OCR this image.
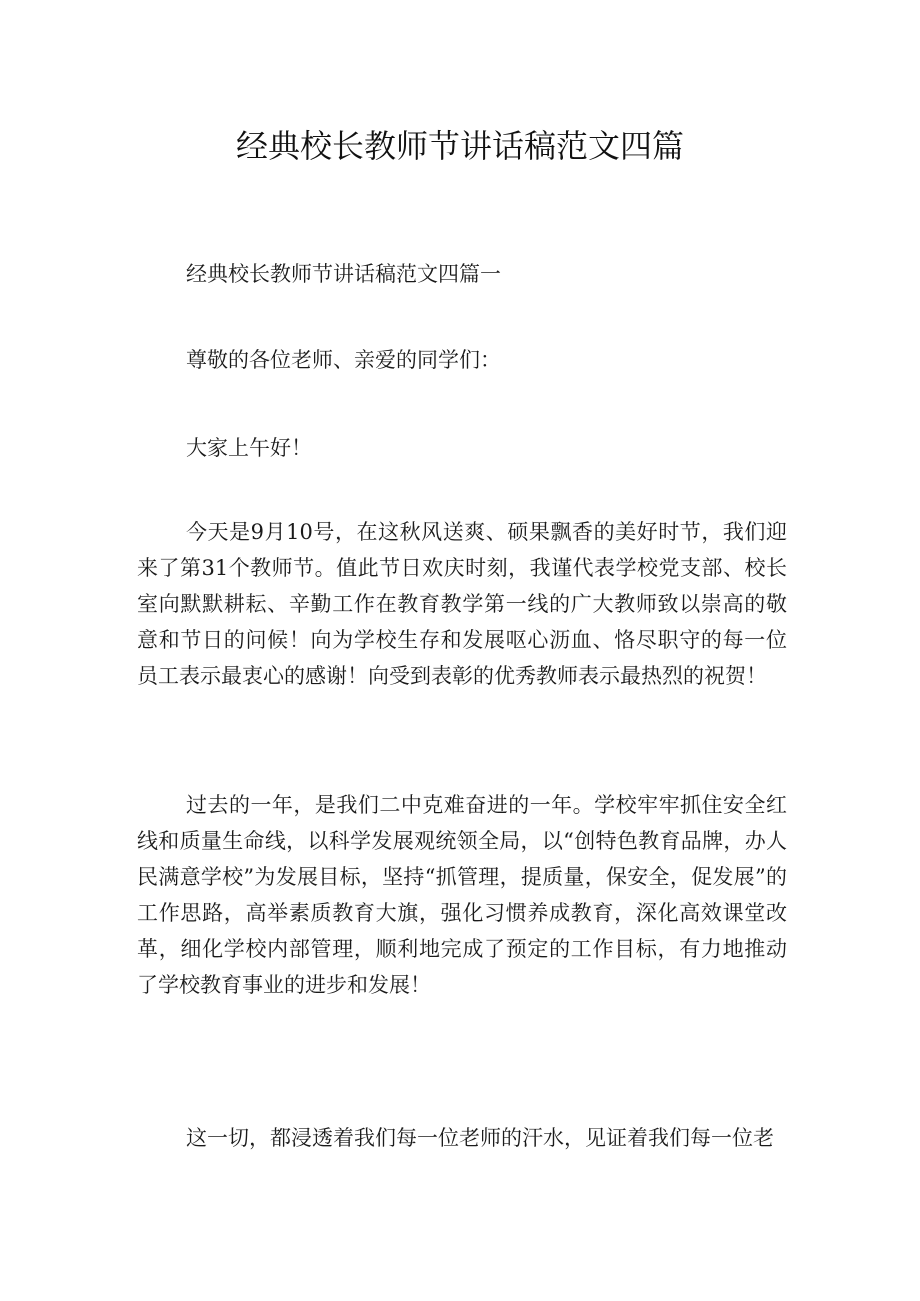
经典校长教师节讲话稿范文四篇

经典校长教师节讲话稿范文四篇一

尊敬的各位老师、亲爱的同学们：

大家上午好！

今天是9月10号，在这秋风送爽、硕果飘香的美好时节，我们迎来了第31个教师节。值此节日欢庆时刻，我谨代表学校党支部、校长室向默默耕耘、辛勤工作在教育教学第一线的广大教师致以崇高的敬意和节日的问候！向为学校生存和发展呕心沥血、恪尽职守的每一位员工表示最衷心的感谢！向受到表彰的优秀教师表示最热烈的祝贺！

过去的一年，是我们二中克难奋进的一年。学校牢牢抓住安全红线和质量生命线，以科学发展观统领全局，以“创特色教育品牌，办人民满意学校”为发展目标，坚持“抓管理，提质量，保安全，促发展”的工作思路，高举素质教育大旗，强化习惯养成教育，深化高效课堂改革，细化学校内部管理，顺利地完成了预定的工作目标，有力地推动了学校教育事业的进步和发展！

这一切，都浸透着我们每一位老师的汗水，见证着我们每一位老
